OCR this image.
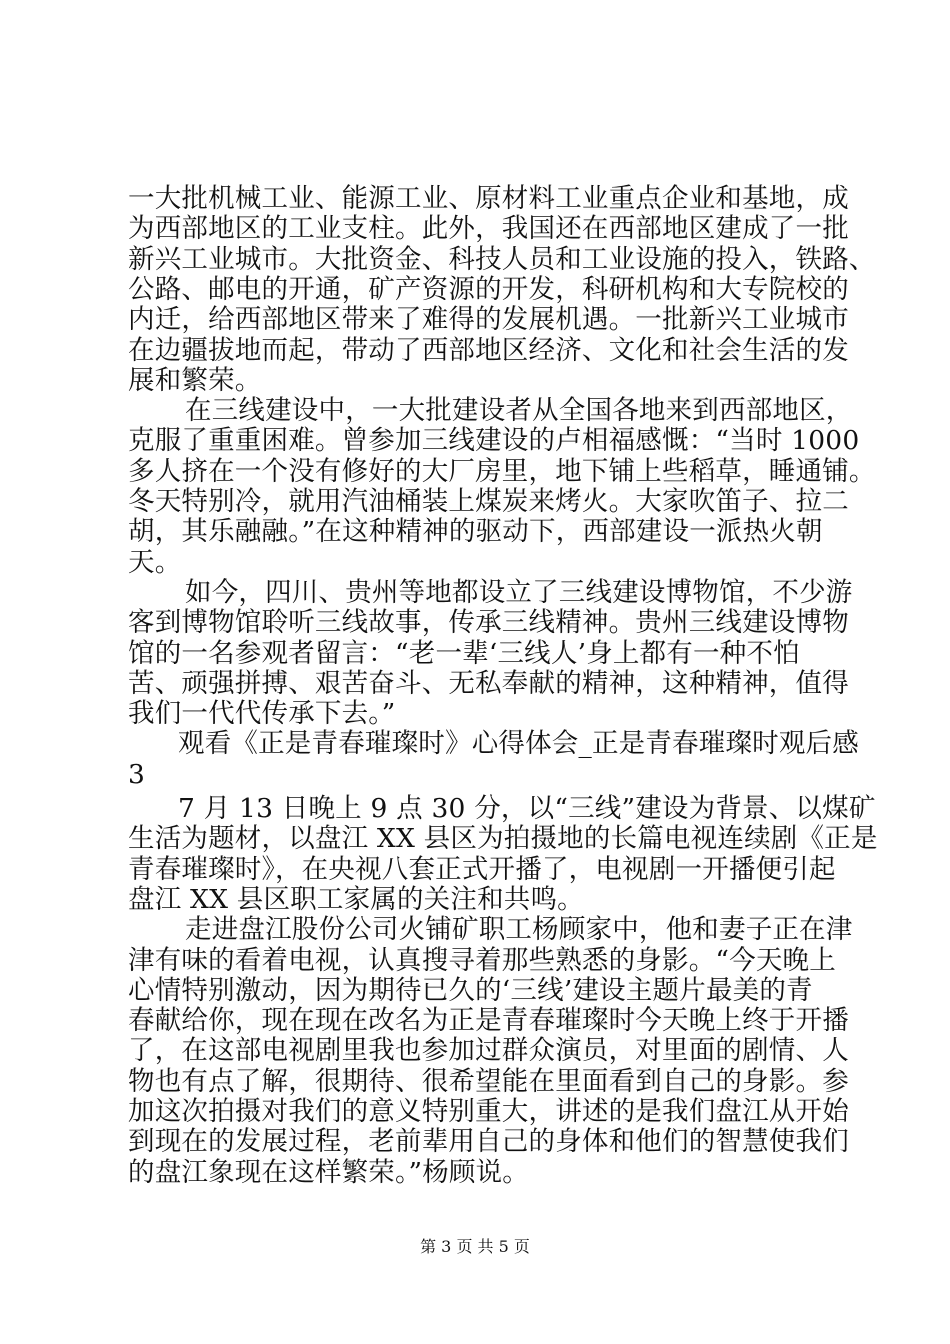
一大批机械工业、能源工业、原材料工业重点企业和基地，成
为西部地区的工业支柱。此外，我国还在西部地区建成了一批
新兴工业城市。大批资金、科技人员和工业设施的投入，铁路、
公路、邮电的开通，矿产资源的开发，科研机构和大专院校的
内迁，给西部地区带来了难得的发展机遇。一批新兴工业城市
在边疆拔地而起，带动了西部地区经济、文化和社会生活的发
展和繁荣。
在三线建设中，一大批建设者从全国各地来到西部地区，
克服了重重困难。曾参加三线建设的卢相福感慨：“当时 1000
多人挤在一个没有修好的大厂房里，地下铺上些稻草，睡通铺。
冬天特别冷，就用汽油桶装上煤炭来烤火。大家吹笛子、拉二
胡，其乐融融。”在这种精神的驱动下，西部建设一派热火朝
天。
如今，四川、贵州等地都设立了三线建设博物馆，不少游
客到博物馆聆听三线故事，传承三线精神。贵州三线建设博物
馆的一名参观者留言：“老一辈‘三线人’身上都有一种不怕
苦、顽强拼搏、艰苦奋斗、无私奉献的精神，这种精神，值得
我们一代代传承下去。”
观看《正是青春璀璨时》心得体会_正是青春璀璨时观后感
3
7 月 13 日晚上 9 点 30 分，以“三线”建设为背景、以煤矿
生活为题材，以盘江 XX 县区为拍摄地的长篇电视连续剧《正是
青春璀璨时》，在央视八套正式开播了，电视剧一开播便引起
盘江 XX 县区职工家属的关注和共鸣。
走进盘江股份公司火铺矿职工杨顾家中，他和妻子正在津
津有味的看着电视，认真搜寻着那些熟悉的身影。“今天晚上
心情特别激动，因为期待已久的‘三线’建设主题片最美的青
春献给你，现在现在改名为正是青春璀璨时今天晚上终于开播
了，在这部电视剧里我也参加过群众演员，对里面的剧情、人
物也有点了解，很期待、很希望能在里面看到自己的身影。参
加这次拍摄对我们的意义特别重大，讲述的是我们盘江从开始
到现在的发展过程，老前辈用自己的身体和他们的智慧使我们
的盘江象现在这样繁荣。”杨顾说。
第 3 页 共 5 页
